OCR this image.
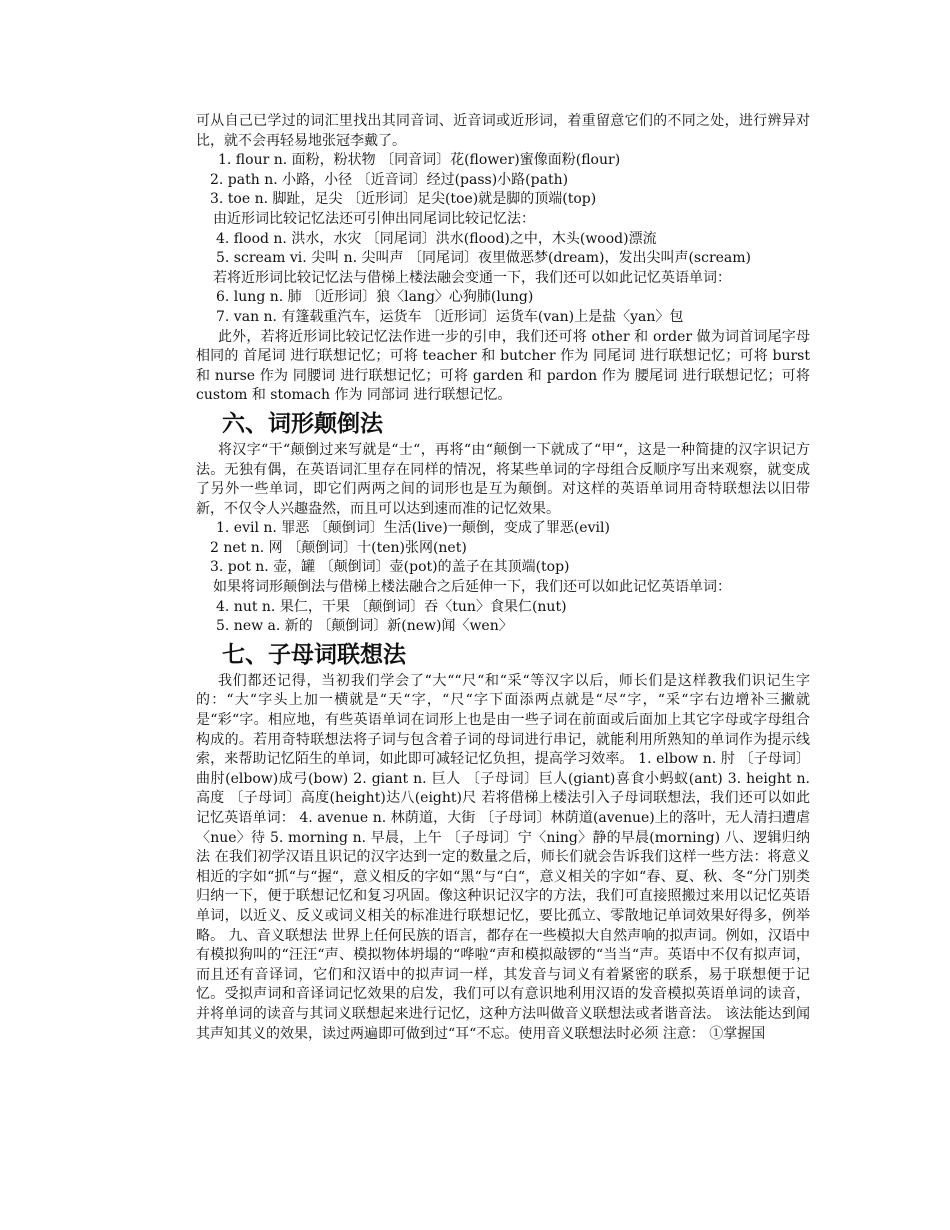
可从自己已学过的词汇里找出其同音词、近音词或近形词，着重留意它们的不同之处，进行辨异对比，就不会再轻易地张冠李戴了。

1. flour n. 面粉，粉状物 〔同音词〕花(flower)蜜像面粉(flour)

2. path n. 小路，小径 〔近音词〕经过(pass)小路(path)

3. toe n. 脚趾，足尖 〔近形词〕足尖(toe)就是脚的顶端(top)

由近形词比较记忆法还可引伸出同尾词比较记忆法：

4. flood n. 洪水，水灾 〔同尾词〕洪水(flood)之中，木头(wood)漂流

5. scream vi. 尖叫 n. 尖叫声 〔同尾词〕夜里做恶梦(dream)，发出尖叫声(scream)

若将近形词比较记忆法与借梯上楼法融会变通一下，我们还可以如此记忆英语单词：

6. lung n. 肺 〔近形词〕狼〈lang〉心狗肺(lung)

7. van n. 有篷载重汽车，运货车 〔近形词〕运货车(van)上是盐〈yan〉包

此外，若将近形词比较记忆法作进一步的引申，我们还可将 other 和 order 做为词首词尾字母相同的 首尾词 进行联想记忆；可将 teacher 和 butcher 作为 同尾词 进行联想记忆；可将 burst 和 nurse 作为 同腰词 进行联想记忆；可将 garden 和 pardon 作为 腰尾词 进行联想记忆；可将 custom 和 stomach 作为 同部词 进行联想记忆。

六、词形颠倒法

将汉字“干“颠倒过来写就是“士“，再将“由“颠倒一下就成了“甲“，这是一种简捷的汉字识记方法。无独有偶，在英语词汇里存在同样的情况，将某些单词的字母组合反顺序写出来观察，就变成了另外一些单词，即它们两两之间的词形也是互为颠倒。对这样的英语单词用奇特联想法以旧带新，不仅令人兴趣盎然，而且可以达到速而准的记忆效果。

1. evil n. 罪恶 〔颠倒词〕生活(live)一颠倒，变成了罪恶(evil)

2 net n. 网 〔颠倒词〕十(ten)张网(net)

3. pot n. 壶，罐 〔颠倒词〕壶(pot)的盖子在其顶端(top)

如果将词形颠倒法与借梯上楼法融合之后延伸一下，我们还可以如此记忆英语单词：

4. nut n. 果仁，干果 〔颠倒词〕吞〈tun〉食果仁(nut)

5. new a. 新的 〔颠倒词〕新(new)闻〈wen〉

七、子母词联想法

我们都还记得，当初我们学会了“大““尺“和“采“等汉字以后，师长们是这样教我们识记生字的：“大“字头上加一横就是“天“字，“尺“字下面添两点就是“尽“字，“采“字右边增补三撇就是“彩“字。相应地，有些英语单词在词形上也是由一些子词在前面或后面加上其它字母或字母组合构成的。若用奇特联想法将子词与包含着子词的母词进行串记，就能利用所熟知的单词作为提示线索，来帮助记忆陌生的单词，如此即可减轻记忆负担，提高学习效率。 1. elbow n. 肘 〔子母词〕曲肘(elbow)成弓(bow) 2. giant n. 巨人 〔子母词〕巨人(giant)喜食小蚂蚁(ant) 3. height n. 高度 〔子母词〕高度(height)达八(eight)尺 若将借梯上楼法引入子母词联想法，我们还可以如此记忆英语单词： 4. avenue n. 林荫道，大街 〔子母词〕林荫道(avenue)上的落叶，无人清扫遭虐〈nue〉待 5. morning n. 早晨，上午 〔子母词〕宁〈ning〉静的早晨(morning) 八、逻辑归纳法 在我们初学汉语且识记的汉字达到一定的数量之后，师长们就会告诉我们这样一些方法：将意义相近的字如“抓“与“握“，意义相反的字如“黑“与“白“，意义相关的字如“春、夏、秋、冬“分门别类归纳一下，便于联想记忆和复习巩固。像这种识记汉字的方法，我们可直接照搬过来用以记忆英语单词，以近义、反义或词义相关的标准进行联想记忆，要比孤立、零散地记单词效果好得多，例举略。 九、音义联想法 世界上任何民族的语言，都存在一些模拟大自然声响的拟声词。例如，汉语中有模拟狗叫的“汪汪“声、模拟物体坍塌的“哗啦“声和模拟敲锣的“当当“声。英语中不仅有拟声词，而且还有音译词，它们和汉语中的拟声词一样，其发音与词义有着紧密的联系，易于联想便于记忆。受拟声词和音译词记忆效果的启发，我们可以有意识地利用汉语的发音模拟英语单词的读音，并将单词的读音与其词义联想起来进行记忆，这种方法叫做音义联想法或者谐音法。 该法能达到闻其声知其义的效果，读过两遍即可做到过“耳“不忘。使用音义联想法时必须 注意： ①掌握国
